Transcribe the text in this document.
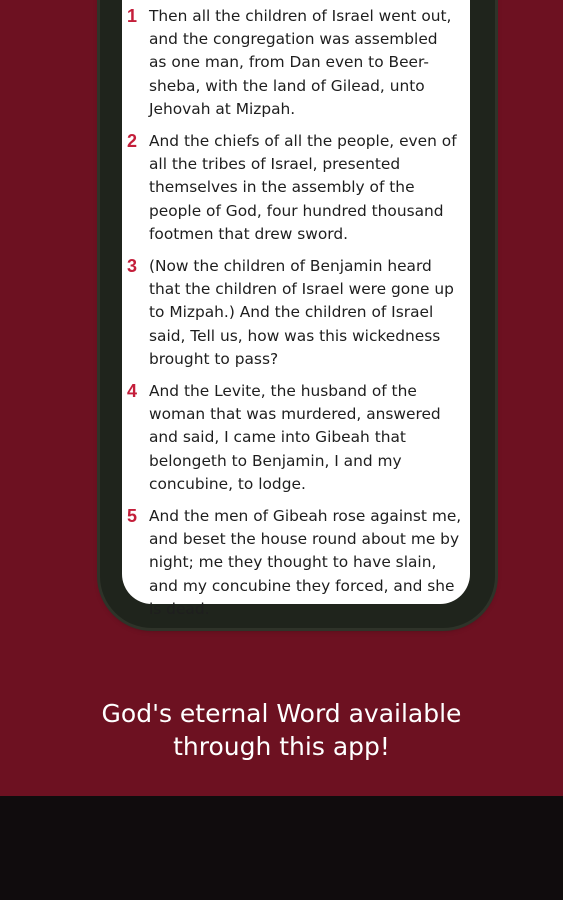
1 Then all the children of Israel went out,
and the congregation was assembled
as one man, from Dan even to Beer-
sheba, with the land of Gilead, unto
Jehovah at Mizpah.
2 And the chiefs of all the people, even of
all the tribes of Israel, presented
themselves in the assembly of the
people of God, four hundred thousand
footmen that drew sword.
3 (Now the children of Benjamin heard
that the children of Israel were gone up
to Mizpah.) And the children of Israel
said, Tell us, how was this wickedness
brought to pass?
4 And the Levite, the husband of the
woman that was murdered, answered
and said, I came into Gibeah that
belongeth to Benjamin, I and my
concubine, to lodge.
5 And the men of Gibeah rose against me,
and beset the house round about me by
night; me they thought to have slain,
and my concubine they forced, and she
is dead.
God's eternal Word available
through this app!
